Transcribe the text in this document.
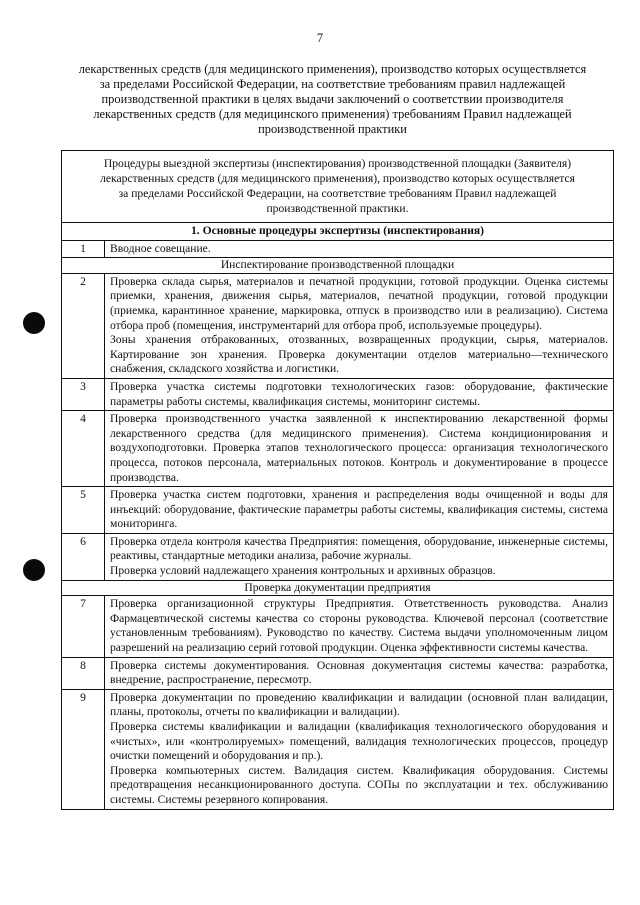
7
лекарственных средств (для медицинского применения), производство которых осуществляется
за пределами Российской Федерации, на соответствие требованиям правил надлежащей
производственной практики в целях выдачи заключений о соответствии производителя
лекарственных средств (для медицинского применения) требованиям Правил надлежащей
производственной практики
Процедуры выездной экспертизы (инспектирования) производственной площадки (Заявителя)
лекарственных средств (для медицинского применения), производство которых осуществляется
за пределами Российской Федерации, на соответствие требованиям Правил надлежащей
производственной практики.	

1. Основные процедуры экспертизы (инспектирования)	
1	Вводное совещание.

Инспектирование производственной площадки	
2	Проверка склада сырья, материалов и печатной продукции, готовой продукции. Оценка системы приемки, хранения, движения сырья, материалов, печатной продукции, готовой продукции (приемка, карантинное хранение, маркировка, отпуск в производство или в реализацию). Система отбора проб (помещения, инструментарий для отбора проб, используемые процедуры).

Зоны хранения отбракованных, отозванных, возвращенных продукции, сырья, материалов. Картирование зон хранения. Проверка документации отделов материально—технического снабжения, складского хозяйства и логистики.

3	Проверка участка системы подготовки технологических газов: оборудование, фактические параметры работы системы, квалификация системы, мониторинг системы.

4	Проверка производственного участка заявленной к инспектированию лекарственной формы лекарственного средства (для медицинского применения). Система кондиционирования и воздухоподготовки. Проверка этапов технологического процесса: организация технологического процесса, потоков персонала, материальных потоков. Контроль и документирование в процессе производства.

5	Проверка участка систем подготовки, хранения и распределения воды очищенной и воды для инъекций: оборудование, фактические параметры работы системы, квалификация системы, система мониторинга.

6	Проверка отдела контроля качества Предприятия: помещения, оборудование, инженерные системы, реактивы, стандартные методики анализа, рабочие журналы.

Проверка условий надлежащего хранения контрольных и архивных образцов.

Проверка документации предприятия	
7	Проверка организационной структуры Предприятия. Ответственность руководства. Анализ Фармацевтической системы качества со стороны руководства. Ключевой персонал (соответствие установленным требованиям). Руководство по качеству. Система выдачи уполномоченным лицом разрешений на реализацию серий готовой продукции. Оценка эффективности системы качества.

8	Проверка системы документирования. Основная документация системы качества: разработка, внедрение, распространение, пересмотр.

9	Проверка документации по проведению квалификации и валидации (основной план валидации, планы, протоколы, отчеты по квалификации и валидации).

Проверка системы квалификации и валидации (квалификация технологического оборудования и «чистых», или «контролируемых» помещений, валидация технологических процессов, процедур очистки помещений и оборудования и пр.).

Проверка компьютерных систем. Валидация систем. Квалификация оборудования. Системы предотвращения несанкционированного доступа. СОПы по эксплуатации и тех. обслуживанию системы. Системы резервного копирования.
